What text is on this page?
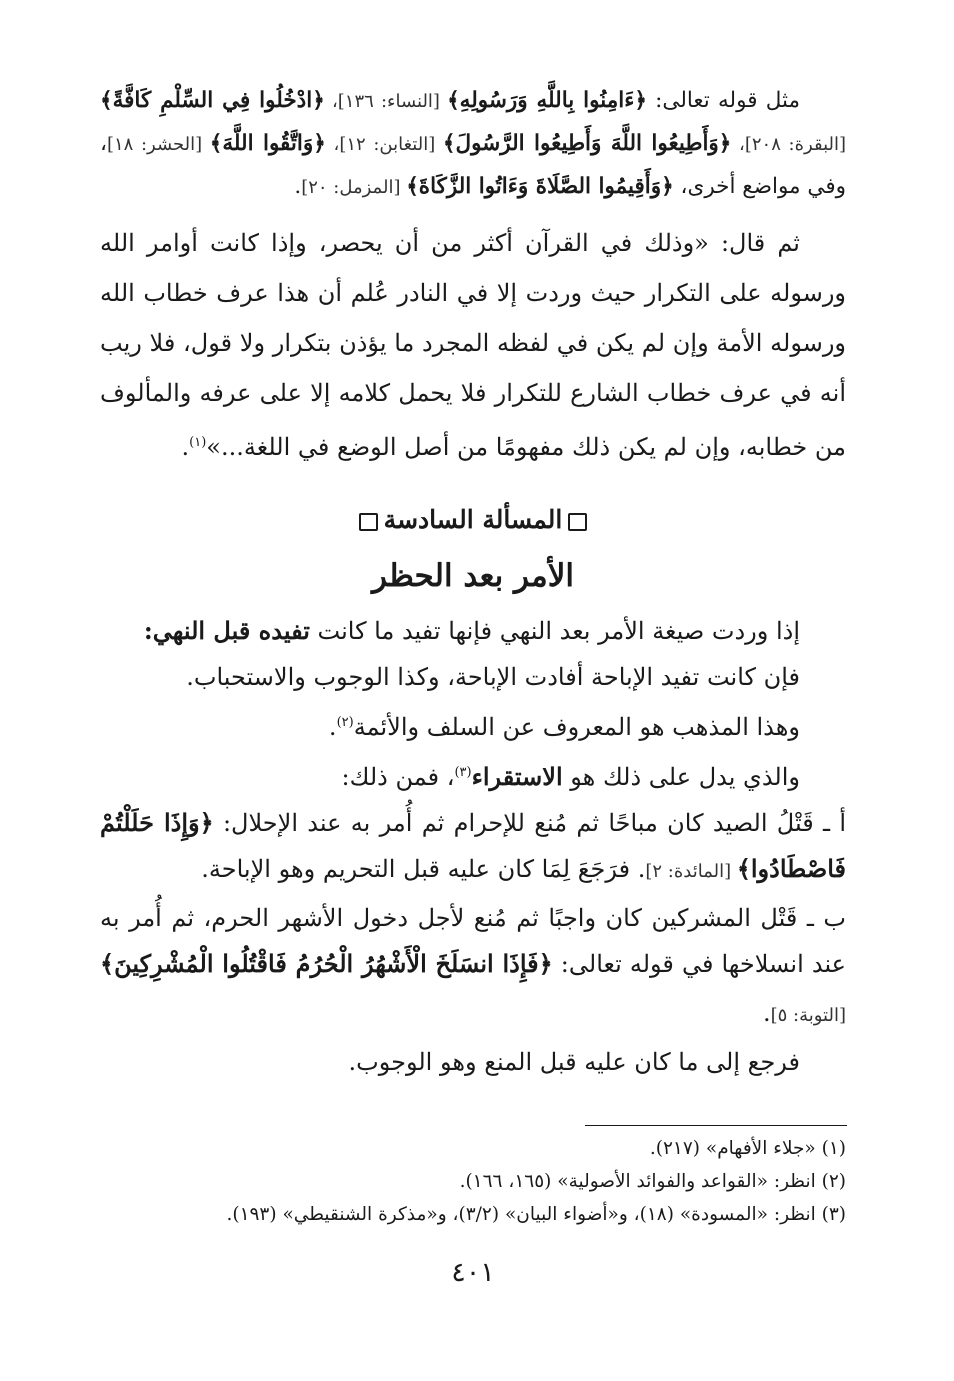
مثل قوله تعالى: ﴿ءَامِنُوا بِاللَّهِ وَرَسُولِهِ﴾ [النساء: ١٣٦]، ﴿ادْخُلُوا فِي السِّلْمِ كَافَّةً﴾ [البقرة: ٢٠٨]، ﴿وَأَطِيعُوا اللَّهَ وَأَطِيعُوا الرَّسُولَ﴾ [التغابن: ١٢]، ﴿وَاتَّقُوا اللَّهَ﴾ [الحشر: ١٨]، وفي مواضع أخرى، ﴿وَأَقِيمُوا الصَّلَاةَ وَءَاتُوا الزَّكَاةَ﴾ [المزمل: ٢٠].

ثم قال: «وذلك في القرآن أكثر من أن يحصر، وإذا كانت أوامر الله ورسوله على التكرار حيث وردت إلا في النادر عُلم أن هذا عرف خطاب الله ورسوله الأمة وإن لم يكن في لفظه المجرد ما يؤذن بتكرار ولا قول، فلا ريب أنه في عرف خطاب الشارع للتكرار فلا يحمل كلامه إلا على عرفه والمألوف من خطابه، وإن لم يكن ذلك مفهومًا من أصل الوضع في اللغة...»$^{(١)}$.

المسألة السادسة
الأمر بعد الحظر

إذا وردت صيغة الأمر بعد النهي فإنها تفيد ما كانت تفيده قبل النهي:

فإن كانت تفيد الإباحة أفادت الإباحة، وكذا الوجوب والاستحباب.

وهذا المذهب هو المعروف عن السلف والأئمة$^{(٢)}$.

والذي يدل على ذلك هو الاستقراء$^{(٣)}$، فمن ذلك:

أ ـ قَتْلُ الصيد كان مباحًا ثم مُنع للإحرام ثم أُمر به عند الإحلال: ﴿وَإِذَا حَلَلْتُمْ فَاصْطَادُوا﴾ [المائدة: ٢]. فرَجَعَ لِمَا كان عليه قبل التحريم وهو الإباحة.

ب ـ قَتْل المشركين كان واجبًا ثم مُنع لأجل دخول الأشهر الحرم، ثم أُمر به عند انسلاخها في قوله تعالى: ﴿فَإِذَا انسَلَخَ الْأَشْهُرُ الْحُرُمُ فَاقْتُلُوا الْمُشْرِكِينَ﴾ [التوبة: ٥].

فرجع إلى ما كان عليه قبل المنع وهو الوجوب.

(١) «جلاء الأفهام» (٢١٧).

(٢) انظر: «القواعد والفوائد الأصولية» (١٦٥، ١٦٦).

(٣) انظر: «المسودة» (١٨)، و«أضواء البيان» (٣/٢)، و«مذكرة الشنقيطي» (١٩٣).

٤٠١
